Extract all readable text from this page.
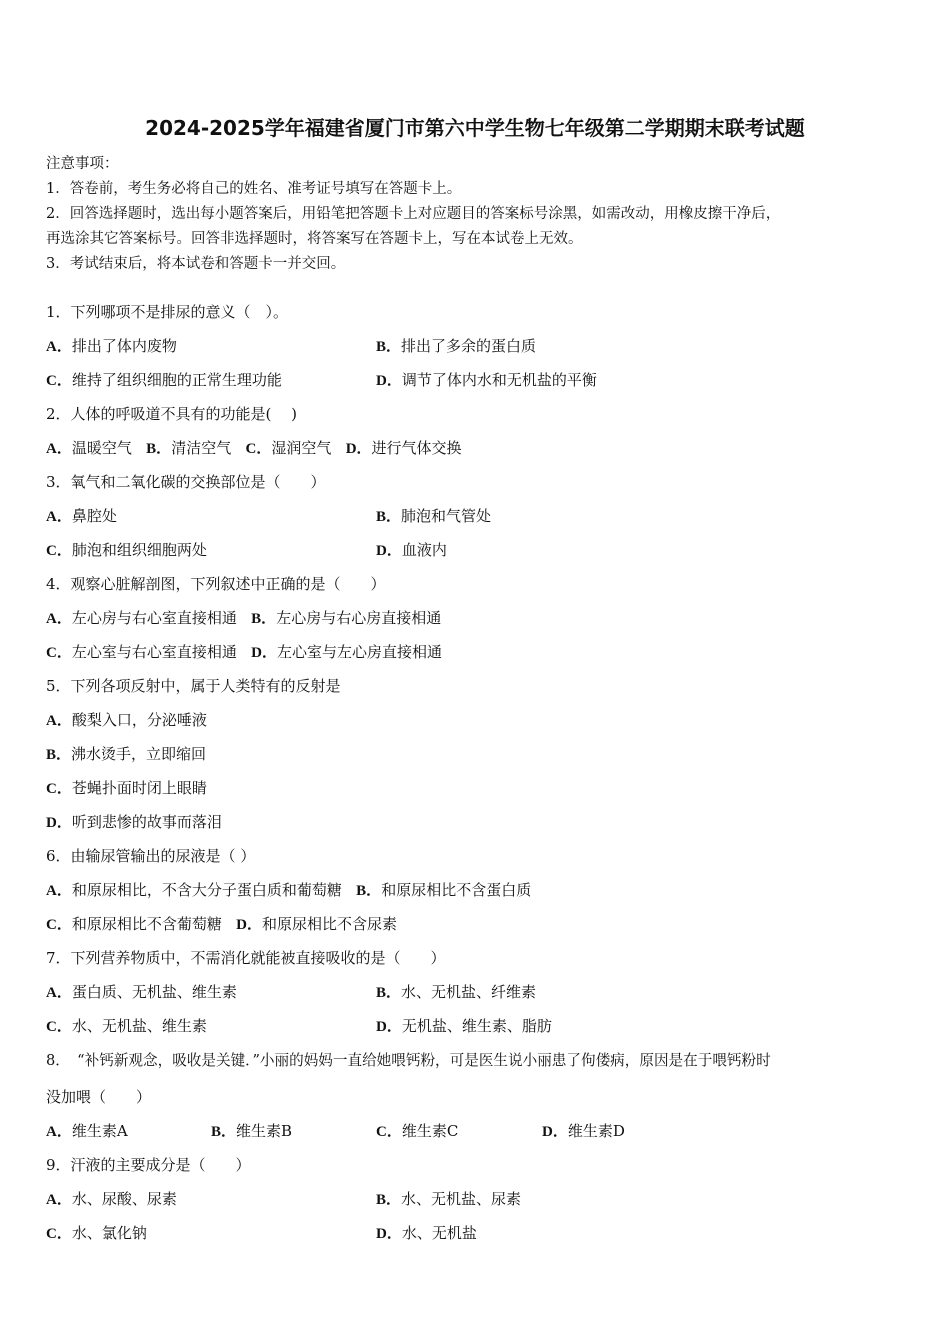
2024-2025学年福建省厦门市第六中学生物七年级第二学期期末联考试题
注意事项：
1．答卷前，考生务必将自己的姓名、准考证号填写在答题卡上。
2．回答选择题时，选出每小题答案后，用铅笔把答题卡上对应题目的答案标号涂黑，如需改动，用橡皮擦干净后，
再选涂其它答案标号。回答非选择题时，将答案写在答题卡上，写在本试卷上无效。
3．考试结束后，将本试卷和答题卡一并交回。
1．下列哪项不是排尿的意义（　）。
A．排出了体内废物	B．排出了多余的蛋白质
C．维持了组织细胞的正常生理功能	D．调节了体内水和无机盐的平衡
2．人体的呼吸道不具有的功能是(　 )
A．温暖空气 B．清洁空气 C．湿润空气 D．进行气体交换
3．氧气和二氧化碳的交换部位是（　　）
A．鼻腔处	B．肺泡和气管处
C．肺泡和组织细胞两处	D．血液内
4．观察心脏解剖图，下列叙述中正确的是（　　）
A．左心房与右心室直接相通 B．左心房与右心房直接相通
C．左心室与右心室直接相通 D．左心室与左心房直接相通
5．下列各项反射中，属于人类特有的反射是
A．酸梨入口，分泌唾液
B．沸水烫手，立即缩回
C．苍蝇扑面时闭上眼睛
D．听到悲惨的故事而落泪
6．由输尿管输出的尿液是（ ）
A．和原尿相比，不含大分子蛋白质和葡萄糖 B．和原尿相比不含蛋白质
C．和原尿相比不含葡萄糖 D．和原尿相比不含尿素
7．下列营养物质中，不需消化就能被直接吸收的是（　　）
A．蛋白质、无机盐、维生素	B．水、无机盐、纤维素
C．水、无机盐、维生素	D．无机盐、维生素、脂肪
8．　“补钙新观念，吸收是关键．”小丽的妈妈一直给她喂钙粉，可是医生说小丽患了佝偻病，原因是在于喂钙粉时
没加喂（　　）
A．维生素A	B．维生素B	C．维生素C	D．维生素D
9．汗液的主要成分是（　　）
A．水、尿酸、尿素	B．水、无机盐、尿素
C．水、氯化钠	D．水、无机盐
